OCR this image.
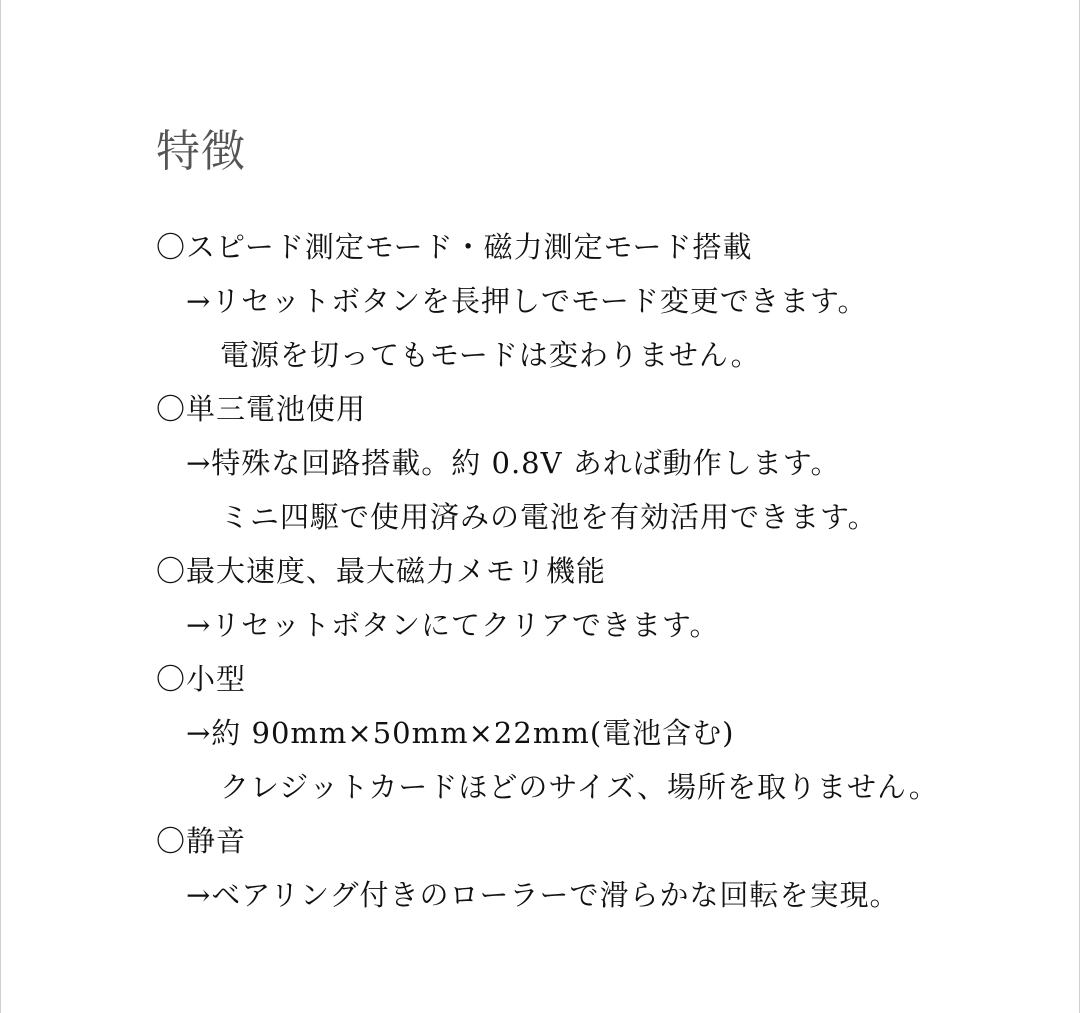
特徴
〇スピード測定モード・磁力測定モード搭載
→リセットボタンを長押しでモード変更できます。
電源を切ってもモードは変わりません。
〇単三電池使用
→特殊な回路搭載。約 0.8V あれば動作します。
ミニ四駆で使用済みの電池を有効活用できます。
〇最大速度、最大磁力メモリ機能
→リセットボタンにてクリアできます。
〇小型
→約 90mm×50mm×22mm(電池含む)
クレジットカードほどのサイズ、場所を取りません。
〇静音
→ベアリング付きのローラーで滑らかな回転を実現。
